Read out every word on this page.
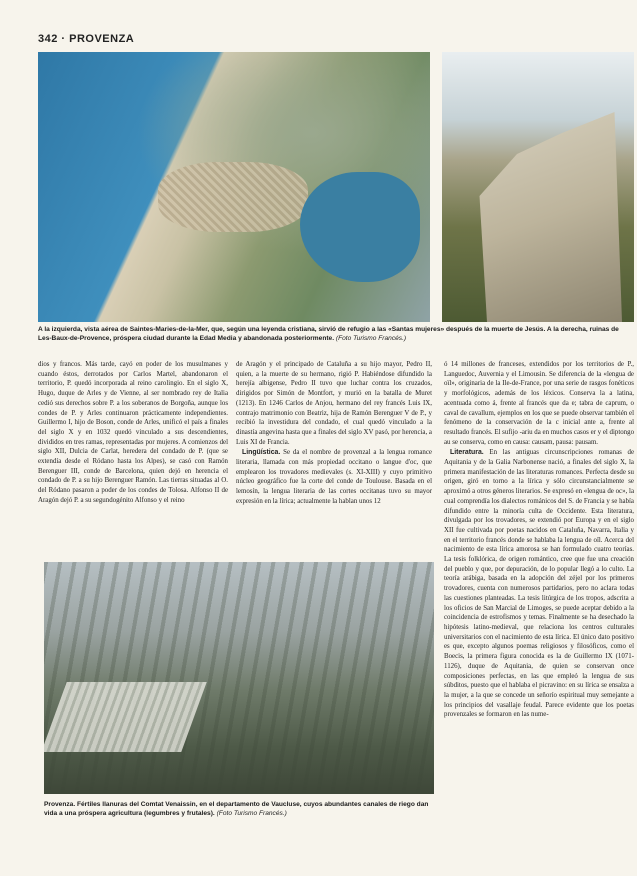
342 · PROVENZA
A la izquierda, vista aérea de Saintes-Maries-de-la-Mer, que, según una leyenda cristiana, sirvió de refugio a las «Santas mujeres» después de la muerte de Jesús. A la derecha, ruinas de Les-Baux-de-Provence, próspera ciudad durante la Edad Media y abandonada posteriormente. (Foto Turismo Francés.)

dios y francos. Más tarde, cayó en poder de los musulmanes y cuando éstos, derrotados por Carlos Martel, abandonaron el territorio, P. quedó incorporada al reino carolingio. En el siglo X, Hugo, duque de Arles y de Vienne, al ser nombrado rey de Italia cedió sus derechos sobre P. a los soberanos de Borgoña, aunque los condes de P. y Arles continuaron prácticamente independientes. Guillermo I, hijo de Boson, conde de Arles, unificó el país a finales del siglo X y en 1032 quedó vinculado a sus descendientes, divididos en tres ramas, representadas por mujeres. A comienzos del siglo XII, Dulcia de Carlat, heredera del condado de P. (que se extendía desde el Ródano hasta los Alpes), se casó con Ramón Berenguer III, conde de Barcelona, quien dejó en herencia el condado de P. a su hijo Berenguer Ramón. Las tierras situadas al O. del Ródano pasaron a poder de los condes de Tolosa. Alfonso II de Aragón dejó P. a su segundogénito Alfonso y el reino

de Aragón y el principado de Cataluña a su hijo mayor, Pedro II, quien, a la muerte de su hermano, rigió P. Habiéndose difundido la herejía albigense, Pedro II tuvo que luchar contra los cruzados, dirigidos por Simón de Montfort, y murió en la batalla de Muret (1213). En 1246 Carlos de Anjou, hermano del rey francés Luis IX, contrajo matrimonio con Beatriz, hija de Ramón Berenguer V de P., y recibió la investidura del condado, el cual quedó vinculado a la dinastía angevina hasta que a finales del siglo XV pasó, por herencia, a Luis XI de Francia.

Lingüística. Se da el nombre de provenzal a la lengua romance literaria, llamada con más propiedad occitano o langue d'oc, que emplearon los trovadores medievales (s. XI-XIII) y cuyo primitivo núcleo geográfico fue la corte del conde de Toulouse. Basada en el lemosín, la lengua literaria de las cortes occitanas tuvo su mayor expresión en la lírica; actualmente la hablan unos 12

ó 14 millones de franceses, extendidos por los territorios de P., Languedoc, Auvernia y el Limousin. Se diferencia de la «lengua de oïl», originaria de la Ile-de-France, por una serie de rasgos fonéticos y morfológicos, además de los léxicos. Conserva la a latina, acentuada como á, frente al francés que da e; tabra de caprum, o caval de cavallum, ejemplos en los que se puede observar también el fenómeno de la conservación de la c inicial ante a, frente al resultado francés. El sufijo -ariu da en muchos casos er y el diptongo au se conserva, como en causa: causam, pausa: pausam.

Literatura. En las antiguas circunscripciones romanas de Aquitania y de la Galia Narbonense nació, a finales del siglo X, la primera manifestación de las literaturas romances. Perfecta desde su origen, giró en torno a la lírica y sólo circunstancialmente se aproximó a otros géneros literarios. Se expresó en «lengua de oc», la cual comprendía los dialectos románicos del S. de Francia y se había difundido entre la minoría culta de Occidente. Esta literatura, divulgada por los trovadores, se extendió por Europa y en el siglo XII fue cultivada por poetas nacidos en Cataluña, Navarra, Italia y en el territorio francés donde se hablaba la lengua de oïl. Acerca del nacimiento de esta lírica amorosa se han formulado cuatro teorías. La tesis folklórica, de origen romántico, cree que fue una creación del pueblo y que, por depuración, de lo popular llegó a lo culto. La teoría arábiga, basada en la adopción del zéjel por los primeros trovadores, cuenta con numerosos partidarios, pero no aclara todas las cuestiones planteadas. La tesis litúrgica de los tropos, adscrita a los oficios de San Marcial de Limoges, se puede aceptar debido a la coincidencia de estrofismos y temas. Finalmente se ha desechado la hipótesis latino-medieval, que relaciona los centros culturales universitarios con el nacimiento de esta lírica. El único dato positivo es que, excepto algunos poemas religiosos y filosóficos, como el Boecis, la primera figura conocida es la de Guillermo IX (1071-1126), duque de Aquitania, de quien se conservan once composiciones perfectas, en las que empleó la lengua de sus súbditos, puesto que el hablaba el picravino: en su lírica se ensalza a la mujer, a la que se concede un señorío espiritual muy semejante a los principios del vasallaje feudal. Parece evidente que los poetas provenzales se formaron en las nume-

Provenza. Fértiles llanuras del Comtat Venaissin, en el departamento de Vaucluse, cuyos abundantes canales de riego dan vida a una próspera agricultura (legumbres y frutales). (Foto Turismo Francés.)
